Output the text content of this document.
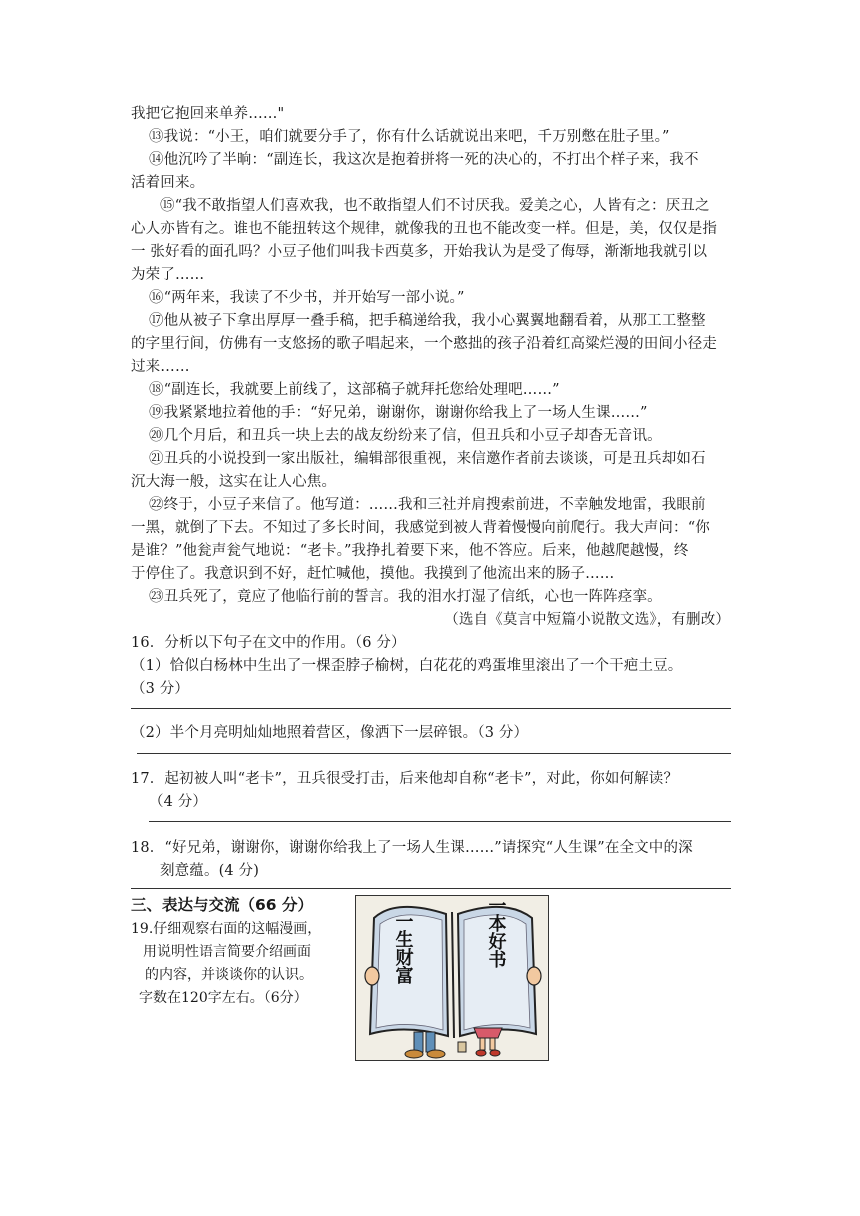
我把它抱回来单养……"
⑬我说：“小王，咱们就要分手了，你有什么话就说出来吧，千万别憋在肚子里。”
⑭他沉吟了半晌：“副连长，我这次是抱着拼将一死的决心的，不打出个样子来，我不
活着回来。
⑮“我不敢指望人们喜欢我，也不敢指望人们不讨厌我。爱美之心，人皆有之：厌丑之
心人亦皆有之。谁也不能扭转这个规律，就像我的丑也不能改变一样。但是，美，仅仅是指
一 张好看的面孔吗？小豆子他们叫我卡西莫多，开始我认为是受了侮辱，渐渐地我就引以
为荣了……
⑯“两年来，我读了不少书，并开始写一部小说。”
⑰他从被子下拿出厚厚一叠手稿，把手稿递给我，我小心翼翼地翻看着，从那工工整整
的字里行间，仿佛有一支悠扬的歌子唱起来，一个憨拙的孩子沿着红高粱烂漫的田间小径走
过来……
⑱“副连长，我就要上前线了，这部稿子就拜托您给处理吧……”
⑲我紧紧地拉着他的手：“好兄弟，谢谢你，谢谢你给我上了一场人生课……”
⑳几个月后，和丑兵一块上去的战友纷纷来了信，但丑兵和小豆子却杳无音讯。
㉑丑兵的小说投到一家出版社，编辑部很重视，来信邀作者前去谈谈，可是丑兵却如石
沉大海一般，这实在让人心焦。
㉒终于，小豆子来信了。他写道：……我和三社并肩搜索前进，不幸触发地雷，我眼前
一黑，就倒了下去。不知过了多长时间，我感觉到被人背着慢慢向前爬行。我大声问：“你
是谁？”他瓮声瓮气地说：“老卡。”我挣扎着要下来，他不答应。后来，他越爬越慢，终
于停住了。我意识到不好，赶忙喊他，摸他。我摸到了他流出来的肠子……
㉓丑兵死了，竟应了他临行前的誓言。我的泪水打湿了信纸，心也一阵阵痉挛。
（选自《莫言中短篇小说散文选》，有删改）
16．分析以下句子在文中的作用。（6 分）
（1）恰似白杨林中生出了一棵歪脖子榆树，白花花的鸡蛋堆里滚出了一个干疤土豆。
（3 分）
（2）半个月亮明灿灿地照着营区，像洒下一层碎银。（3 分）
17．起初被人叫“老卡”，丑兵很受打击，后来他却自称“老卡”，对此，你如何解读？
（4 分）
18．“好兄弟，谢谢你，谢谢你给我上了一场人生课……”请探究“人生课”在全文中的深
刻意蕴。(4 分)
三、表达与交流（66 分）
19.仔细观察右面的这幅漫画，
用说明性语言简要介绍画面
的内容，并谈谈你的认识。
字数在120字左右。（6分）
一生财富	一本好书
